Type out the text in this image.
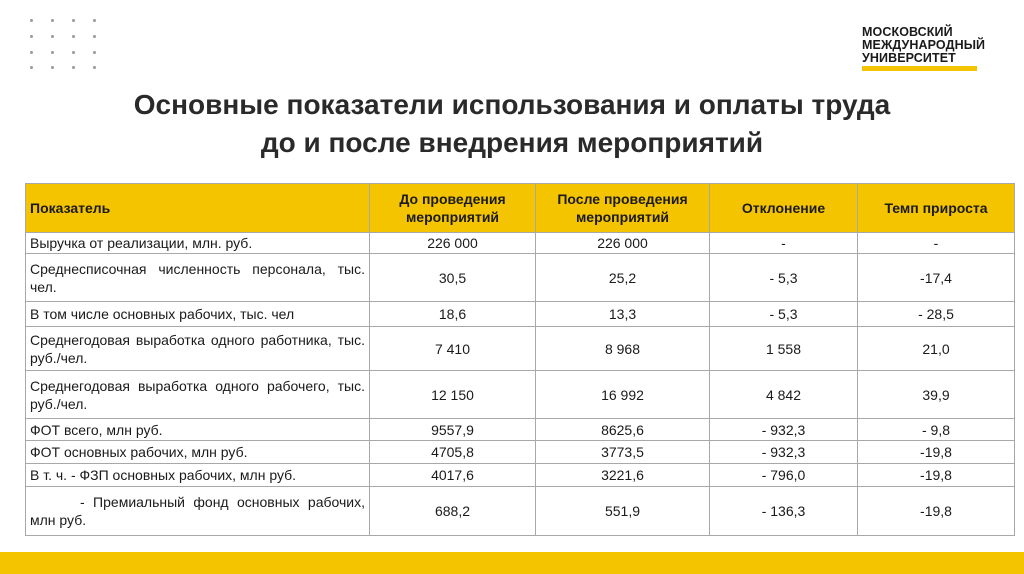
МОСКОВСКИЙ
МЕЖДУНАРОДНЫЙ
УНИВЕРСИТЕТ
Основные показатели использования и оплаты труда
до и после внедрения мероприятий
Показатель	До проведения мероприятий	После проведения мероприятий	Отклонение	Темп прироста
Выручка от реализации, млн. руб.	226 000	226 000	-	-
Среднесписочная численность персонала, тыс. чел.	30,5	25,2	- 5,3	-17,4
В том числе основных рабочих, тыс. чел	18,6	13,3	- 5,3	- 28,5
Среднегодовая выработка одного работника, тыс. руб./чел.	7 410	8 968	1 558	21,0
Среднегодовая выработка одного рабочего, тыс. руб./чел.	12 150	16 992	4 842	39,9
ФОТ всего, млн руб.	9557,9	8625,6	- 932,3	- 9,8
ФОТ основных рабочих, млн руб.	4705,8	3773,5	- 932,3	-19,8
В т. ч. - ФЗП основных рабочих, млн руб.	4017,6	3221,6	- 796,0	-19,8
- Премиальный фонд основных рабочих, млн руб.	688,2	551,9	- 136,3	-19,8
